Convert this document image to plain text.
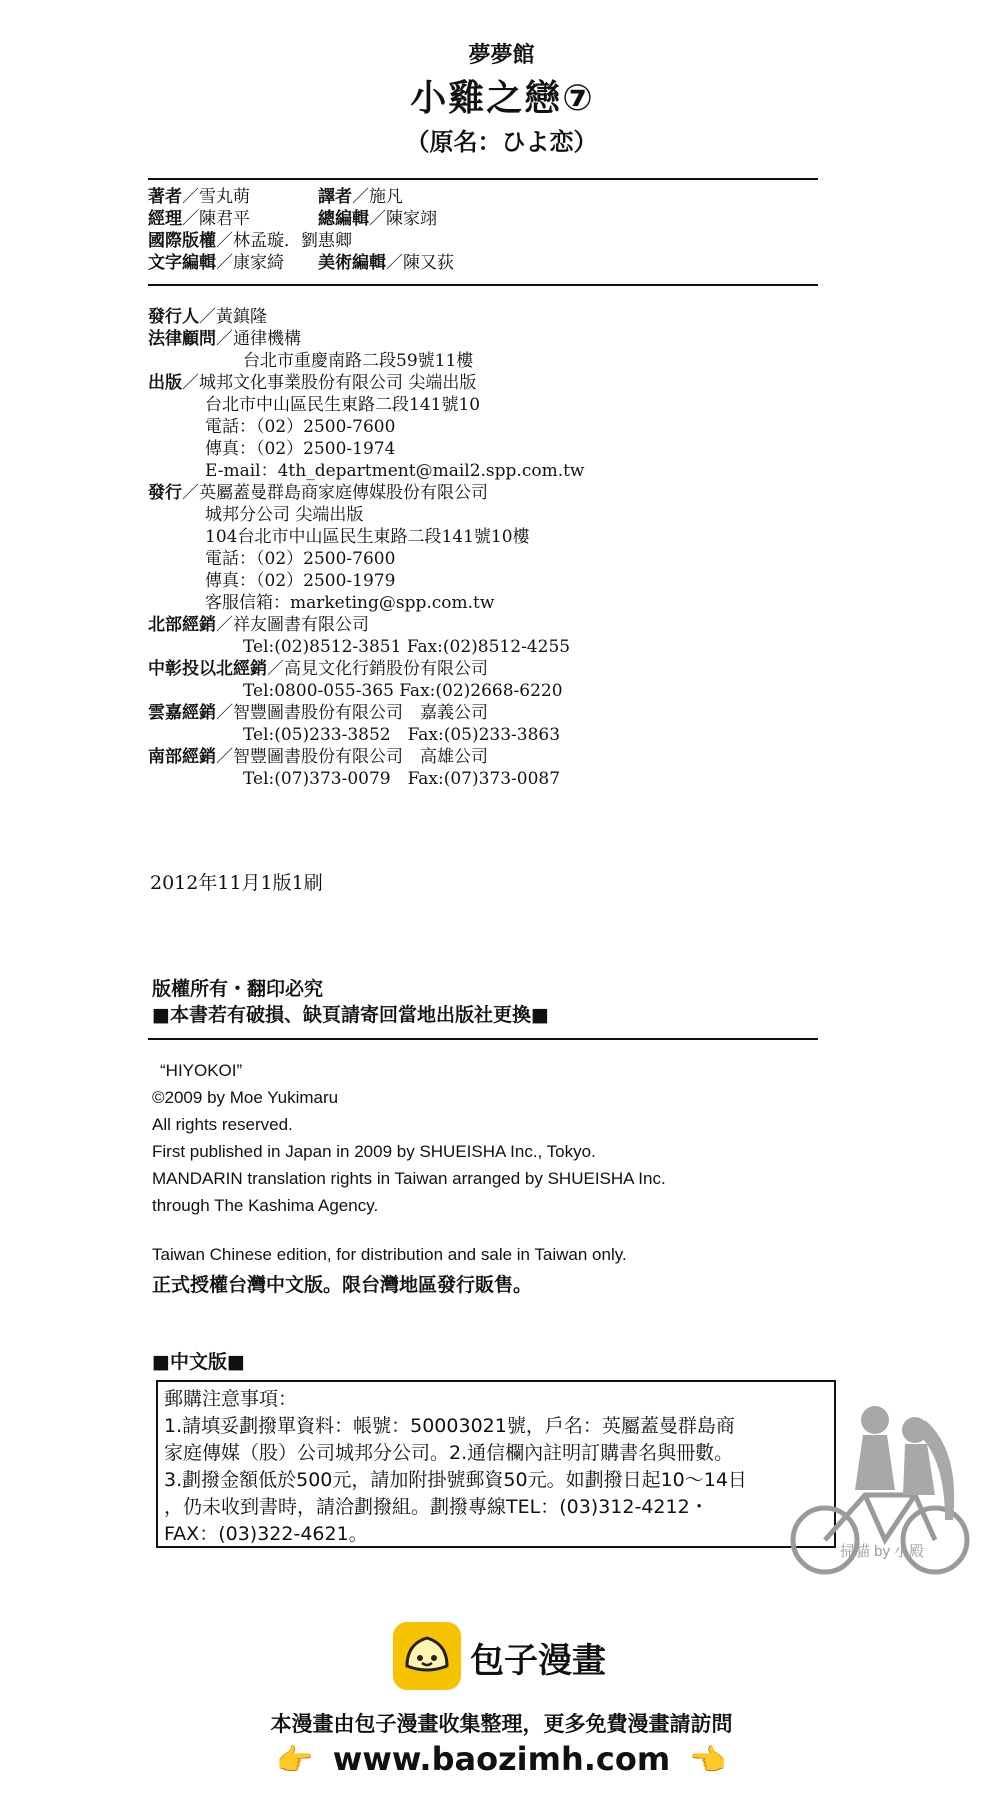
夢夢館
小雞之戀⑦
（原名：ひよ恋）
著者／雪丸萌	譯者／施凡
經理／陳君平	總編輯／陳家翊
國際版權／林孟璇．劉惠卿
文字編輯／康家綺 美術編輯／陳又荻
發行人／黃鎮隆
法律顧問／通律機構
台北市重慶南路二段59號11樓
出版／城邦文化事業股份有限公司 尖端出版
台北市中山區民生東路二段141號10
電話：（02）2500-7600
傳真：（02）2500-1974
E-mail：4th_department@mail2.spp.com.tw
發行／英屬蓋曼群島商家庭傳媒股份有限公司
城邦分公司 尖端出版
104台北市中山區民生東路二段141號10樓
電話：（02）2500-7600
傳真：（02）2500-1979
客服信箱：marketing@spp.com.tw
北部經銷／祥友圖書有限公司
Tel:(02)8512-3851 Fax:(02)8512-4255
中彰投以北經銷／高見文化行銷股份有限公司
Tel:0800-055-365 Fax:(02)2668-6220
雲嘉經銷／智豐圖書股份有限公司　嘉義公司
Tel:(05)233-3852　Fax:(05)233-3863
南部經銷／智豐圖書股份有限公司　高雄公司
Tel:(07)373-0079　Fax:(07)373-0087
2012年11月1版1刷
版權所有・翻印必究
■本書若有破損、缺頁請寄回當地出版社更換■
“HIYOKOI”
©2009 by Moe Yukimaru
All rights reserved.
First published in Japan in 2009 by SHUEISHA Inc., Tokyo.
MANDARIN translation rights in Taiwan arranged by SHUEISHA Inc.
through The Kashima Agency.
Taiwan Chinese edition, for distribution and sale in Taiwan only.
正式授權台灣中文版。限台灣地區發行販售。
■中文版■
郵購注意事項：
1.請填妥劃撥單資料：帳號：50003021號，戶名：英屬蓋曼群島商
家庭傳媒（股）公司城邦分公司。2.通信欄內註明訂購書名與冊數。
3.劃撥金額低於500元，請加附掛號郵資50元。如劃撥日起10～14日
，仍未收到書時，請洽劃撥組。劃撥專線TEL：(03)312-4212・
FAX：(03)322-4621。
掃貓 by 小殿
包子漫畫
本漫畫由包子漫畫收集整理，更多免費漫畫請訪問
👉 www.baozimh.com 👈
